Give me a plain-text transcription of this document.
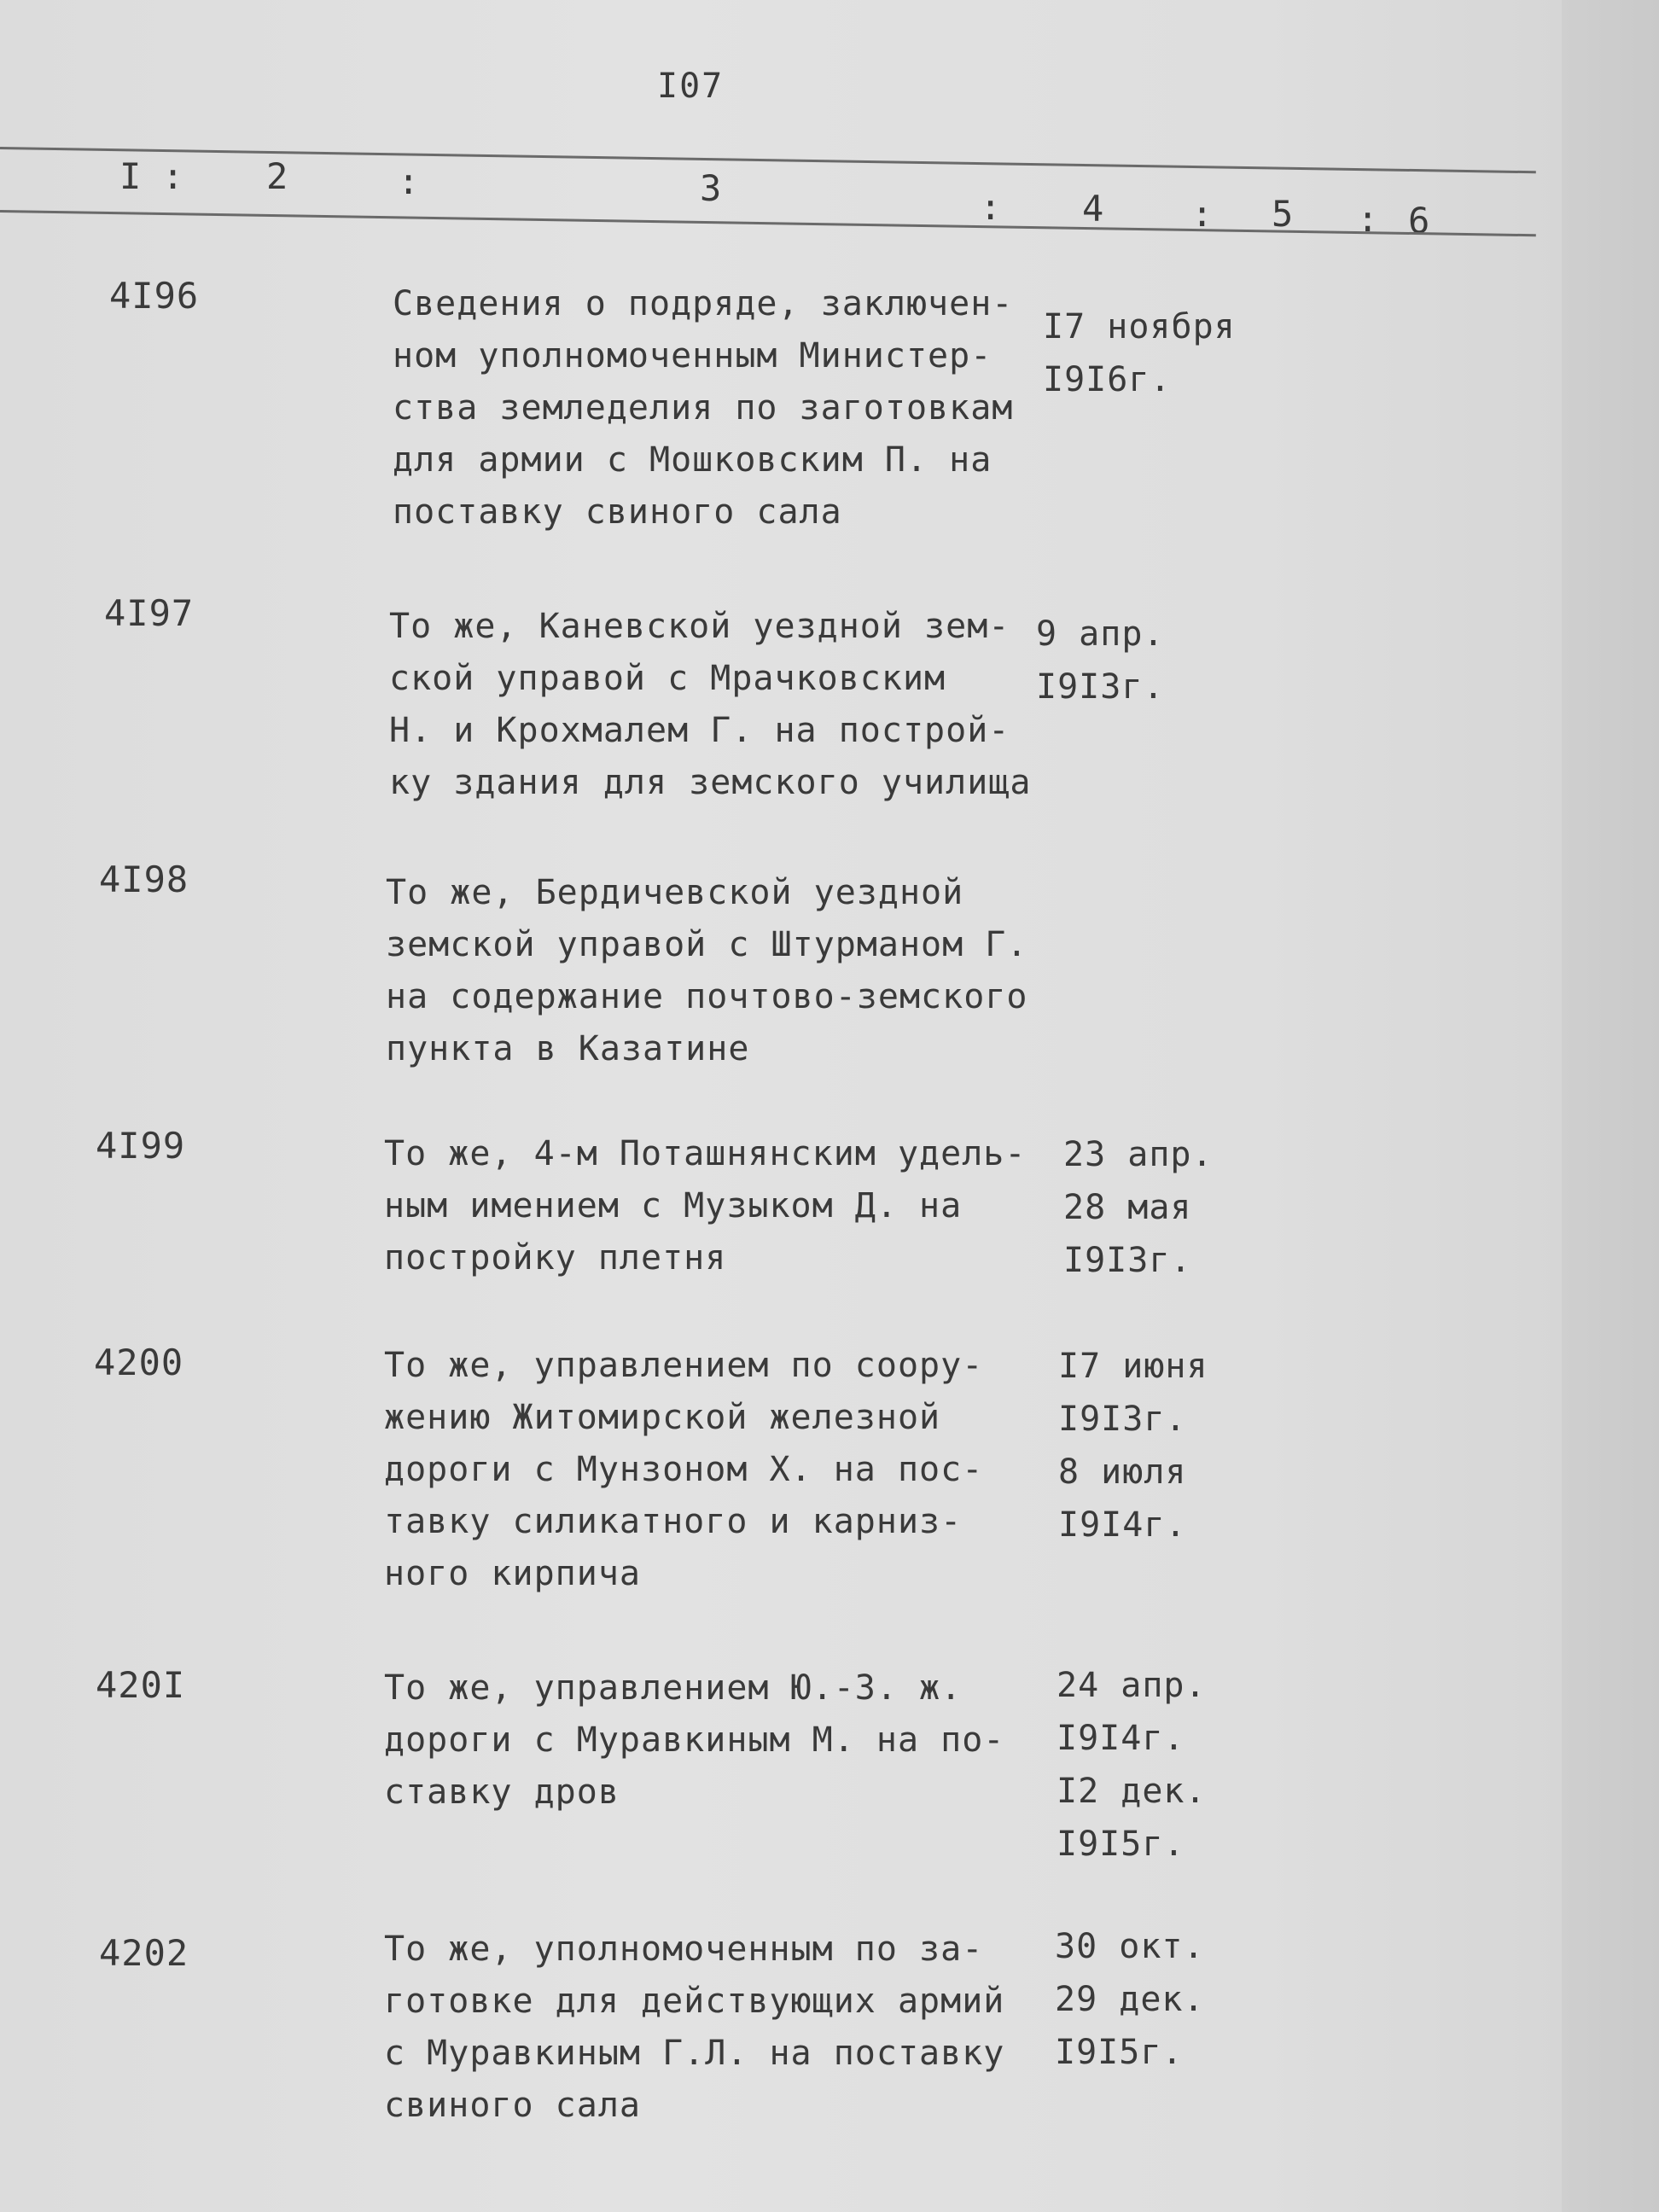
I07
I : 2	:	3	: 4 : 5 : 6
4I96	Сведения о подряде, заключен-
ном уполномоченным Министер-
ства земледелия по заготовкам
для армии с Мошковским П. на
поставку свиного сала
I7 ноября
I9I6г.
4I97	То же, Каневской уездной зем-
ской управой с Мрачковским
Н. и Крохмалем Г. на построй-
ку здания для земского училища
9 апр.
I9I3г.
4I98	То же, Бердичевской уездной
земской управой с Штурманом Г.
на содержание почтово-земского
пункта в Казатине
4I99	То же, 4-м Поташнянским удель-
ным имением с Музыком Д. на
постройку плетня
23 апр.
28 мая
I9I3г.
4200	То же, управлением по соору-
жению Житомирской железной
дороги с Мунзоном Х. на пос-
тавку силикатного и карниз-
ного кирпича
I7 июня
I9I3г.
8 июля
I9I4г.
420I	То же, управлением Ю.-З. ж.
дороги с Муравкиным М. на по-
ставку дров
24 апр.
I9I4г.
I2 дек.
I9I5г.
4202	То же, уполномоченным по за-
готовке для действующих армий
с Муравкиным Г.Л. на поставку
свиного сала
30 окт.
29 дек.
I9I5г.
